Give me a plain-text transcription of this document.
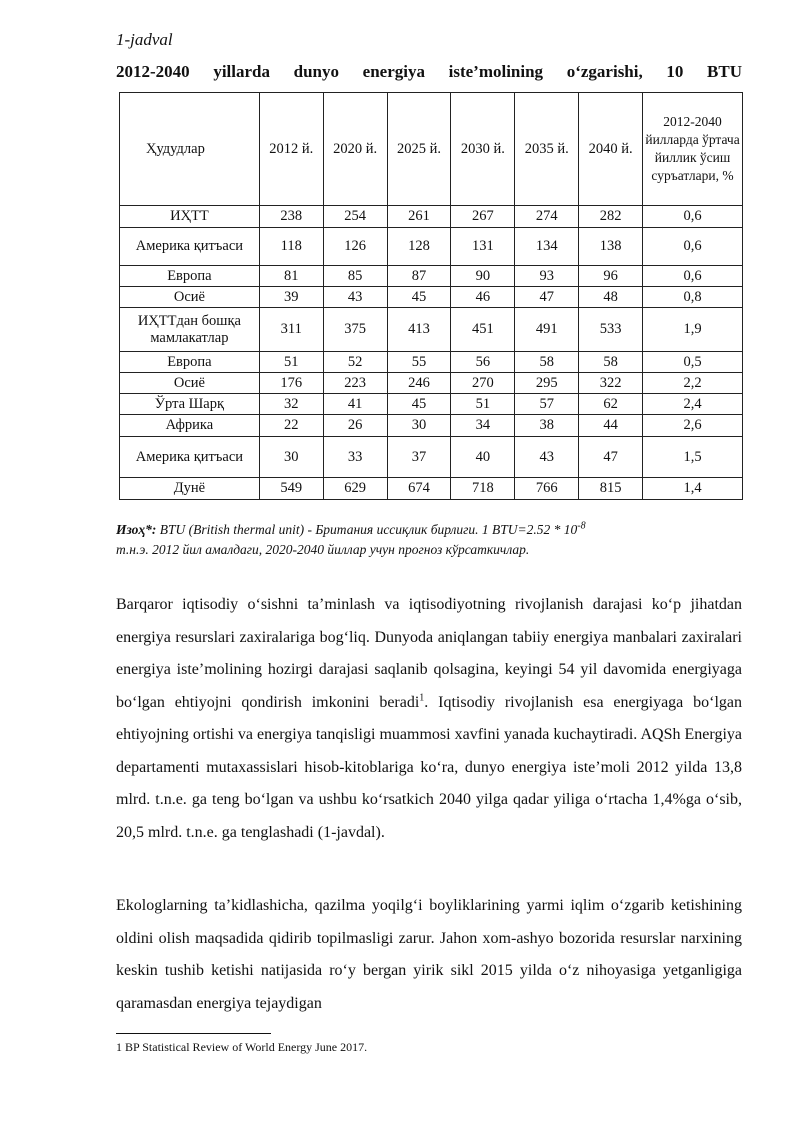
1-jadval
2012-2040 yillarda dunyo energiya iste’molining o‘zgarishi, 10 BTU
Ҳудудлар	2012 й.	2020 й.	2025 й.	2030 й.	2035 й.	2040 й.	2012-2040 йилларда ўртача йиллик ўсиш суръатлари, %
ИҲТТ	238	254	261	267	274	282	0,6
Америка қитъаси	118	126	128	131	134	138	0,6
Европа	81	85	87	90	93	96	0,6
Осиё	39	43	45	46	47	48	0,8
ИҲТТдан бошқа мамлакатлар	311	375	413	451	491	533	1,9
Европа	51	52	55	56	58	58	0,5
Осиё	176	223	246	270	295	322	2,2
Ўрта Шарқ	32	41	45	51	57	62	2,4
Африка	22	26	30	34	38	44	2,6
Америка қитъаси	30	33	37	40	43	47	1,5
Дунё	549	629	674	718	766	815	1,4
Изоҳ*: BTU (British thermal unit) - Британия иссиқлик бирлиги. 1 $BTU=2.52 * 10^{-8}$
т.н.э. 2012 йил амалдаги, 2020-2040 йиллар учун прогноз кўрсаткичлар.
Barqaror iqtisodiy o‘sishni ta’minlash va iqtisodiyotning rivojlanish darajasi ko‘p jihatdan energiya resurslari zaxiralariga bog‘liq. Dunyoda aniqlangan tabiiy energiya manbalari zaxiralari energiya iste’molining hozirgi darajasi saqlanib qolsagina, keyingi 54 yil davomida energiyaga bo‘lgan ehtiyojni qondirish imkonini beradi$^1$. Iqtisodiy rivojlanish esa energiyaga bo‘lgan ehtiyojning ortishi va energiya tanqisligi muammosi xavfini yanada kuchaytiradi. AQSh Energiya departamenti mutaxassislari hisob-kitoblariga ko‘ra, dunyo energiya iste’moli 2012 yilda 13,8 mlrd. t.n.e. ga teng bo‘lgan va ushbu ko‘rsatkich 2040 yilga qadar yiliga o‘rtacha 1,4%ga o‘sib, 20,5 mlrd. t.n.e. ga tenglashadi (1-javdal).
Ekologlarning ta’kidlashicha, qazilma yoqilg‘i boyliklarining yarmi iqlim o‘zgarib ketishining oldini olish maqsadida qidirib topilmasligi zarur. Jahon xom-ashyo bozorida resurslar narxining keskin tushib ketishi natijasida ro‘y bergan yirik sikl 2015 yilda o‘z nihoyasiga yetganligiga qaramasdan energiya tejaydigan
1 BP Statistical Review of World Energy June 2017.
